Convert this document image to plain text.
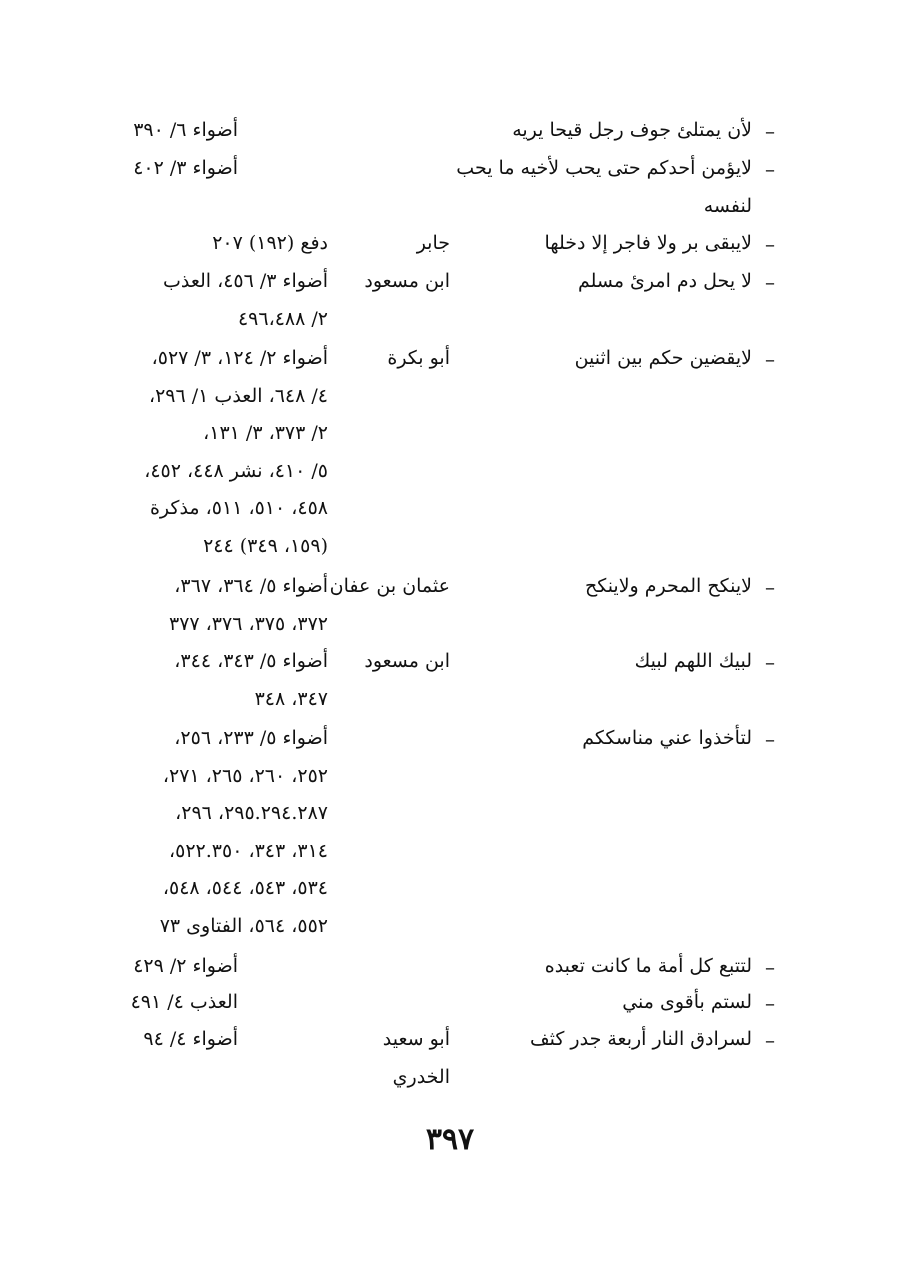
–
لأن يمتلئ جوف رجل قيحا يريه
أضواء ٦/ ٣٩٠
–
لايؤمن أحدكم حتى يحب لأخيه ما يحب لنفسه
أضواء ٣/ ٤٠٢
–
لايبقى بر ولا فاجر إلا دخلها
جابر
دفع (١٩٢) ٢٠٧
–
لا يحل دم امرئ مسلم
ابن مسعود
أضواء ٣/ ٤٥٦، العذب
٢/ ٤٩٦،٤٨٨
–
لايقضين حكم بين اثنين
أبو بكرة
أضواء ٢/ ١٢٤، ٣/ ٥٢٧،
٤/ ٦٤٨، العذب ١/ ٢٩٦،
٢/ ٣٧٣، ٣/ ١٣١،
٥/ ٤١٠، نشر ٤٤٨، ٤٥٢،
٤٥٨، ٥١٠، ٥١١، مذكرة
(١٥٩، ٣٤٩) ٢٤٤
–
لاينكح المحرم ولاينكح
عثمان بن عفان
أضواء ٥/ ٣٦٤، ٣٦٧،
٣٧٢، ٣٧٥، ٣٧٦، ٣٧٧
–
لبيك اللهم لبيك
ابن مسعود
أضواء ٥/ ٣٤٣، ٣٤٤،
٣٤٧، ٣٤٨
–
لتأخذوا عني مناسككم
أضواء ٥/ ٢٣٣، ٢٥٦،
٢٥٢، ٢٦٠، ٢٦٥، ٢٧١،
٢٩٥.٢٩٤.٢٨٧، ٢٩٦،
٣١٤، ٣٤٣، ٥٢٢.٣٥٠،
٥٣٤، ٥٤٣، ٥٤٤، ٥٤٨،
٥٥٢، ٥٦٤، الفتاوى ٧٣
–
لتتبع كل أمة ما كانت تعبده
أضواء ٢/ ٤٢٩
–
لستم بأقوى مني
العذب ٤/ ٤٩١
–
لسرادق النار أربعة جدر كثف
أبو سعيد الخدري
أضواء ٤/ ٩٤
٣٩٧
